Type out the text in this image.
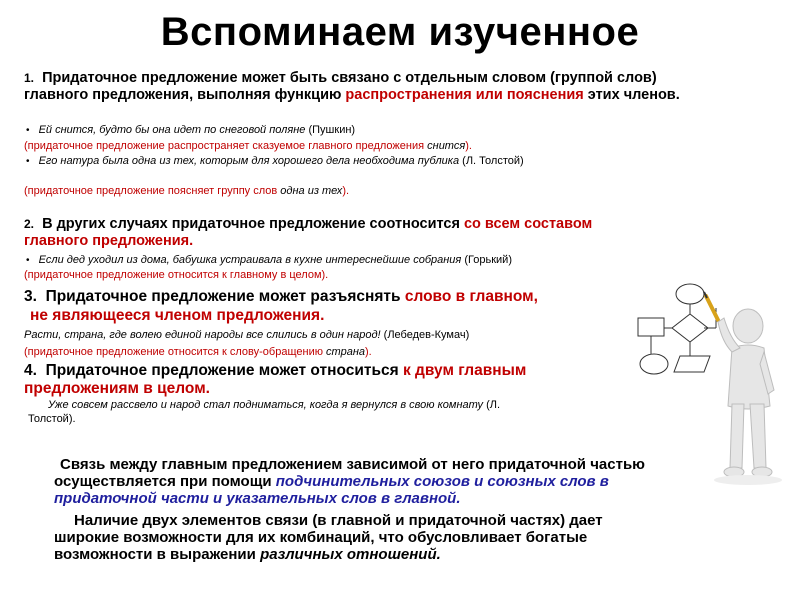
Вспоминаем изученное
1. Придаточное предложение может быть связано с отдельным словом (группой слов) главного предложения, выполняя функцию распространения или пояснения этих членов.
• Ей снится, будто бы она идет по снеговой поляне (Пушкин)
(придаточное предложение распространяет сказуемое главного предложения снится).
• Его натура была одна из тех, которым для хорошего дела необходима публика (Л. Толстой)
(придаточное предложение поясняет группу слов одна из тех).
2. В других случаях придаточное предложение соотносится со всем составом главного предложения.
• Если дед уходил из дома, бабушка устраивала в кухне интереснейшие собрания (Горький)
(придаточное предложение относится к главному в целом).
3. Придаточное предложение может разъяснять слово в главном,
не являющееся членом предложения.
Расти, страна, где волею единой народы все слились в один народ! (Лебедев-Кумач)
(придаточное предложение относится к слову-обращению страна).
4. Придаточное предложение может относиться к двум главным предложениям в целом.
Уже совсем рассвело и народ стал подниматься, когда я вернулся в свою комнату (Л. Толстой).
Связь между главным предложением зависимой от него придаточной частью осуществляется при помощи подчинительных союзов и союзных слов в придаточной части и указательных слов в главной.
Наличие двух элементов связи (в главной и придаточной частях) дает широкие возможности для их комбинаций, что обусловливает богатые возможности в выражении различных отношений.
